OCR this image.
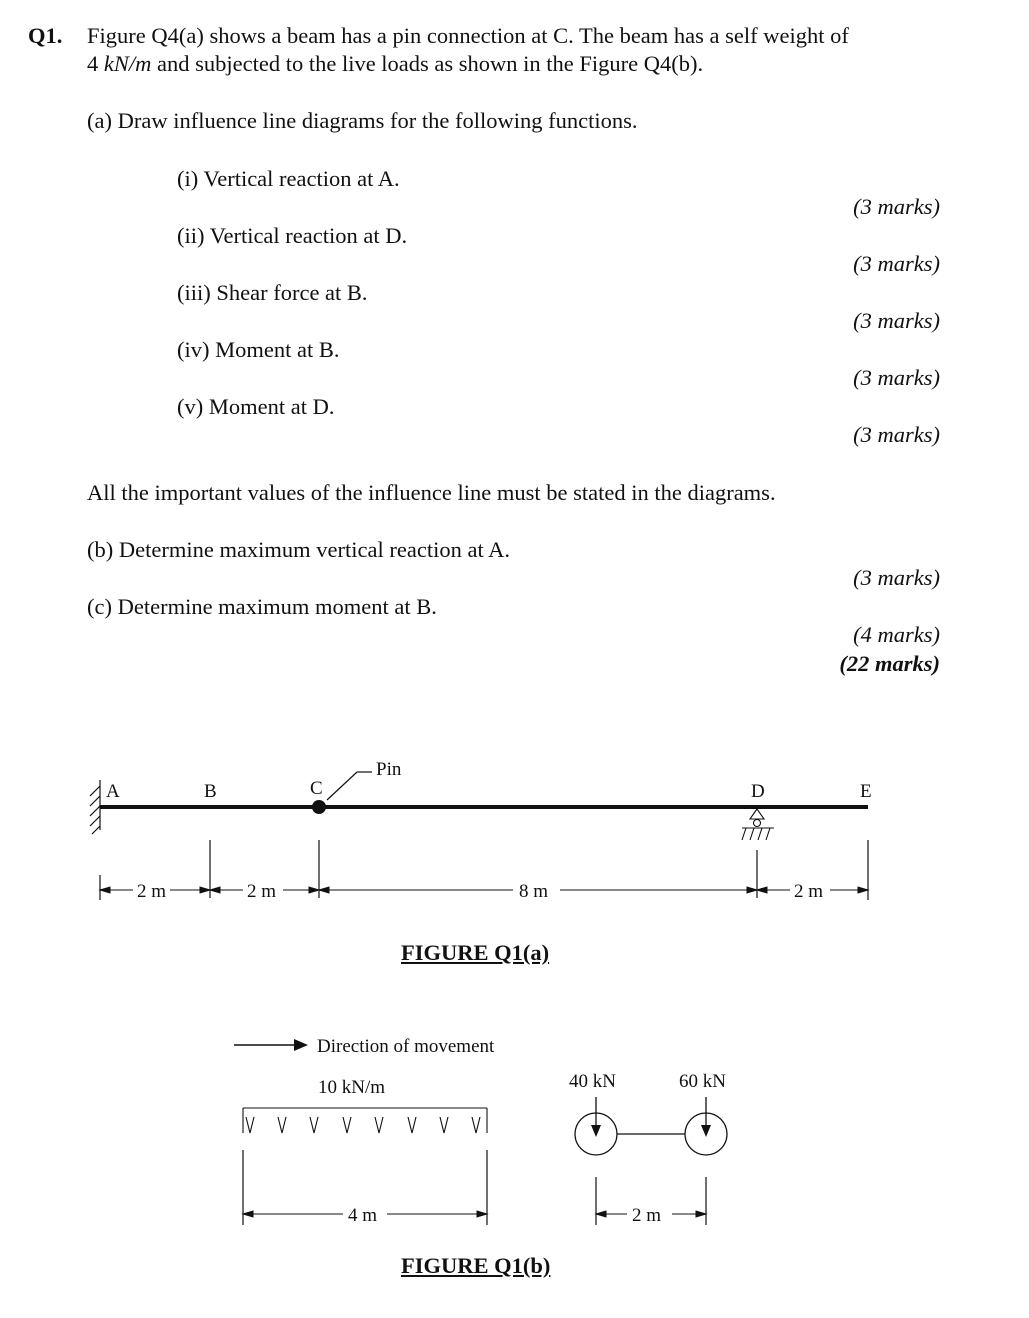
Q1. Figure Q4(a) shows a beam has a pin connection at C. The beam has a self weight of
4 kN/m and subjected to the live loads as shown in the Figure Q4(b).
(a) Draw influence line diagrams for the following functions.
(i) Vertical reaction at A.
(3 marks)
(ii) Vertical reaction at D.
(3 marks)
(iii) Shear force at B.
(3 marks)
(iv) Moment at B.
(3 marks)
(v) Moment at D.
(3 marks)
All the important values of the influence line must be stated in the diagrams.
(b) Determine maximum vertical reaction at A.
(3 marks)
(c) Determine maximum moment at B.
(4 marks)
(22 marks)
Pin
A	B	C	D	E
2 m	2 m	8 m	2 m
FIGURE Q1(a)
Direction of movement
10 kN/m
4 m
40 kN	60 kN
2 m
FIGURE Q1(b)
